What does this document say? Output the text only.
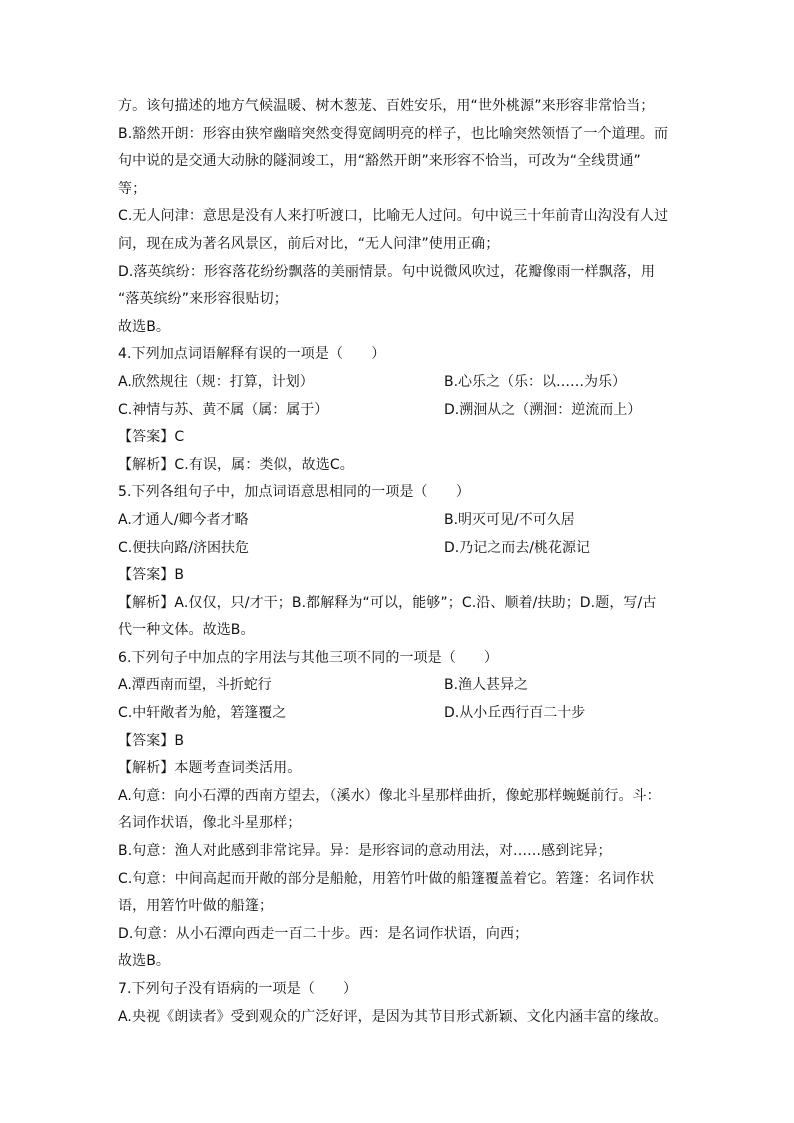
方。该句描述的地方气候温暖、树木葱茏、百姓安乐，用“世外桃源”来形容非常恰当；
B.豁然开朗：形容由狭窄幽暗突然变得宽阔明亮的样子，也比喻突然领悟了一个道理。而
句中说的是交通大动脉的隧洞竣工，用“豁然开朗”来形容不恰当，可改为“全线贯通”
等；
C.无人问津：意思是没有人来打听渡口，比喻无人过问。句中说三十年前青山沟没有人过
问，现在成为著名风景区，前后对比，“无人问津”使用正确；
D.落英缤纷：形容落花纷纷飘落的美丽情景。句中说微风吹过，花瓣像雨一样飘落，用
“落英缤纷”来形容很贴切；
故选B。
4.下列加点词语解释有误的一项是（　　）
A.欣然规往（规：打算，计划）	B.心乐之（乐：以……为乐）
C.神情与苏、黄不属（属：属于）	D.溯洄从之（溯洄：逆流而上）
【答案】C
【解析】C.有误，属：类似，故选C。
5.下列各组句子中，加点词语意思相同的一项是（　　）
A.才通人/卿今者才略	B.明灭可见/不可久居
C.便扶向路/济困扶危	D.乃记之而去/桃花源记
【答案】B
【解析】A.仅仅，只/才干；B.都解释为“可以，能够”；C.沿、顺着/扶助；D.题，写/古
代一种文体。故选B。
6.下列句子中加点的字用法与其他三项不同的一项是（　　）
A.潭西南而望，斗折蛇行	B.渔人甚异之
C.中轩敞者为舱，箬篷覆之	D.从小丘西行百二十步
【答案】B
【解析】本题考查词类活用。
A.句意：向小石潭的西南方望去，（溪水）像北斗星那样曲折，像蛇那样蜿蜒前行。斗：
名词作状语，像北斗星那样；
B.句意：渔人对此感到非常诧异。异：是形容词的意动用法，对……感到诧异；
C.句意：中间高起而开敞的部分是船舱，用箬竹叶做的船篷覆盖着它。箬篷：名词作状
语，用箬竹叶做的船篷；
D.句意：从小石潭向西走一百二十步。西：是名词作状语，向西；
故选B。
7.下列句子没有语病的一项是（　　）
A.央视《朗读者》受到观众的广泛好评，是因为其节目形式新颖、文化内涵丰富的缘故。
